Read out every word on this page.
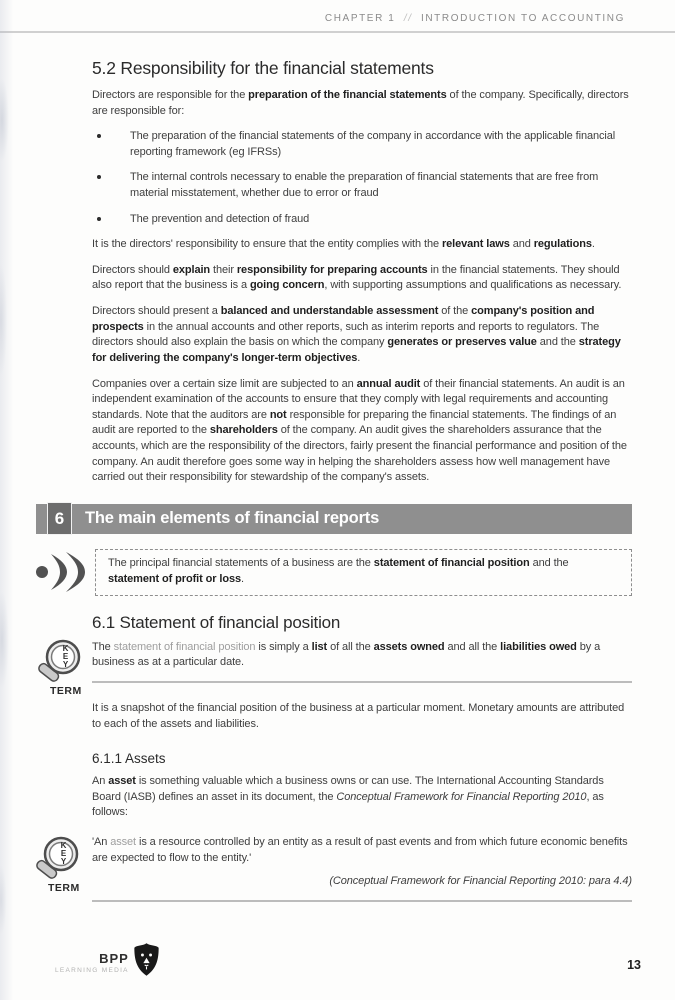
CHAPTER 1 // INTRODUCTION TO ACCOUNTING
5.2 Responsibility for the financial statements

Directors are responsible for the preparation of the financial statements of the company. Specifically, directors are responsible for:

The preparation of the financial statements of the company in accordance with the applicable financial reporting framework (eg IFRSs)
The internal controls necessary to enable the preparation of financial statements that are free from material misstatement, whether due to error or fraud
The prevention and detection of fraud

It is the directors' responsibility to ensure that the entity complies with the relevant laws and regulations.

Directors should explain their responsibility for preparing accounts in the financial statements. They should also report that the business is a going concern, with supporting assumptions and qualifications as necessary.

Directors should present a balanced and understandable assessment of the company's position and prospects in the annual accounts and other reports, such as interim reports and reports to regulators. The directors should also explain the basis on which the company generates or preserves value and the strategy for delivering the company's longer-term objectives.

Companies over a certain size limit are subjected to an annual audit of their financial statements. An audit is an independent examination of the accounts to ensure that they comply with legal requirements and accounting standards. Note that the auditors are not responsible for preparing the financial statements. The findings of an audit are reported to the shareholders of the company. An audit gives the shareholders assurance that the accounts, which are the responsibility of the directors, fairly present the financial performance and position of the company. An audit therefore goes some way in helping the shareholders assess how well management have carried out their responsibility for stewardship of the company's assets.

6	The main elements of financial reports
The principal financial statements of a business are the statement of financial position and the statement of profit or loss.
6.1 Statement of financial position
KEY
TERM

The statement of financial position is simply a list of all the assets owned and all the liabilities owed by a business as at a particular date.

It is a snapshot of the financial position of the business at a particular moment. Monetary amounts are attributed to each of the assets and liabilities.

6.1.1 Assets

An asset is something valuable which a business owns or can use. The International Accounting Standards Board (IASB) defines an asset in its document, the Conceptual Framework for Financial Reporting 2010, as follows:

KEY
TERM

'An asset is a resource controlled by an entity as a result of past events and from which future economic benefits are expected to flow to the entity.'

(Conceptual Framework for Financial Reporting 2010: para 4.4)

BPP
LEARNING MEDIA	13
